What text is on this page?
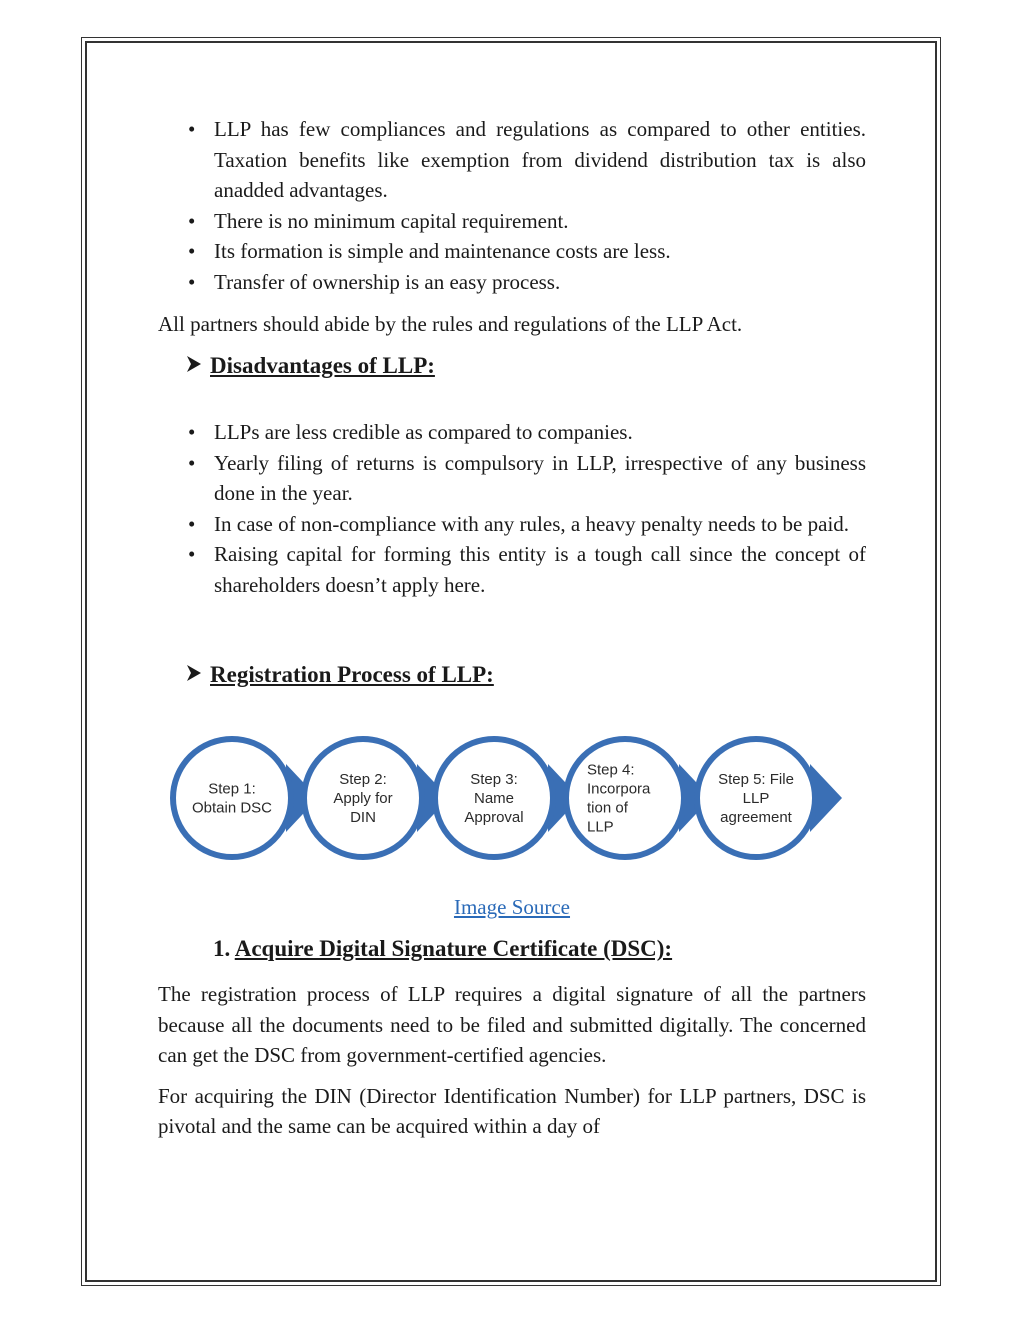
• LLP has few compliances and regulations as compared to other entities. Taxation benefits like exemption from dividend distribution tax is also anadded advantages.
• There is no minimum capital requirement.
• Its formation is simple and maintenance costs are less.
• Transfer of ownership is an easy process.

All partners should abide by the rules and regulations of the LLP Act.

Disadvantages of LLP:
• LLPs are less credible as compared to companies.
• Yearly filing of returns is compulsory in LLP, irrespective of any business done in the year.
• In case of non-compliance with any rules, a heavy penalty needs to be paid.
• Raising capital for forming this entity is a tough call since the concept of shareholders doesn’t apply here.
Registration Process of LLP:
Step 1:
Obtain DSC
Step 2:
Apply for
DIN
Step 3:
Name
Approval
Step 4:
Incorpora
tion of
LLP
Step 5: File
LLP
agreement
Image Source
1. Acquire Digital Signature Certificate (DSC):

The registration process of LLP requires a digital signature of all the partners because all the documents need to be filed and submitted digitally. The concerned can get the DSC from government-certified agencies.

For acquiring the DIN (Director Identification Number) for LLP partners, DSC is pivotal and the same can be acquired within a day of
